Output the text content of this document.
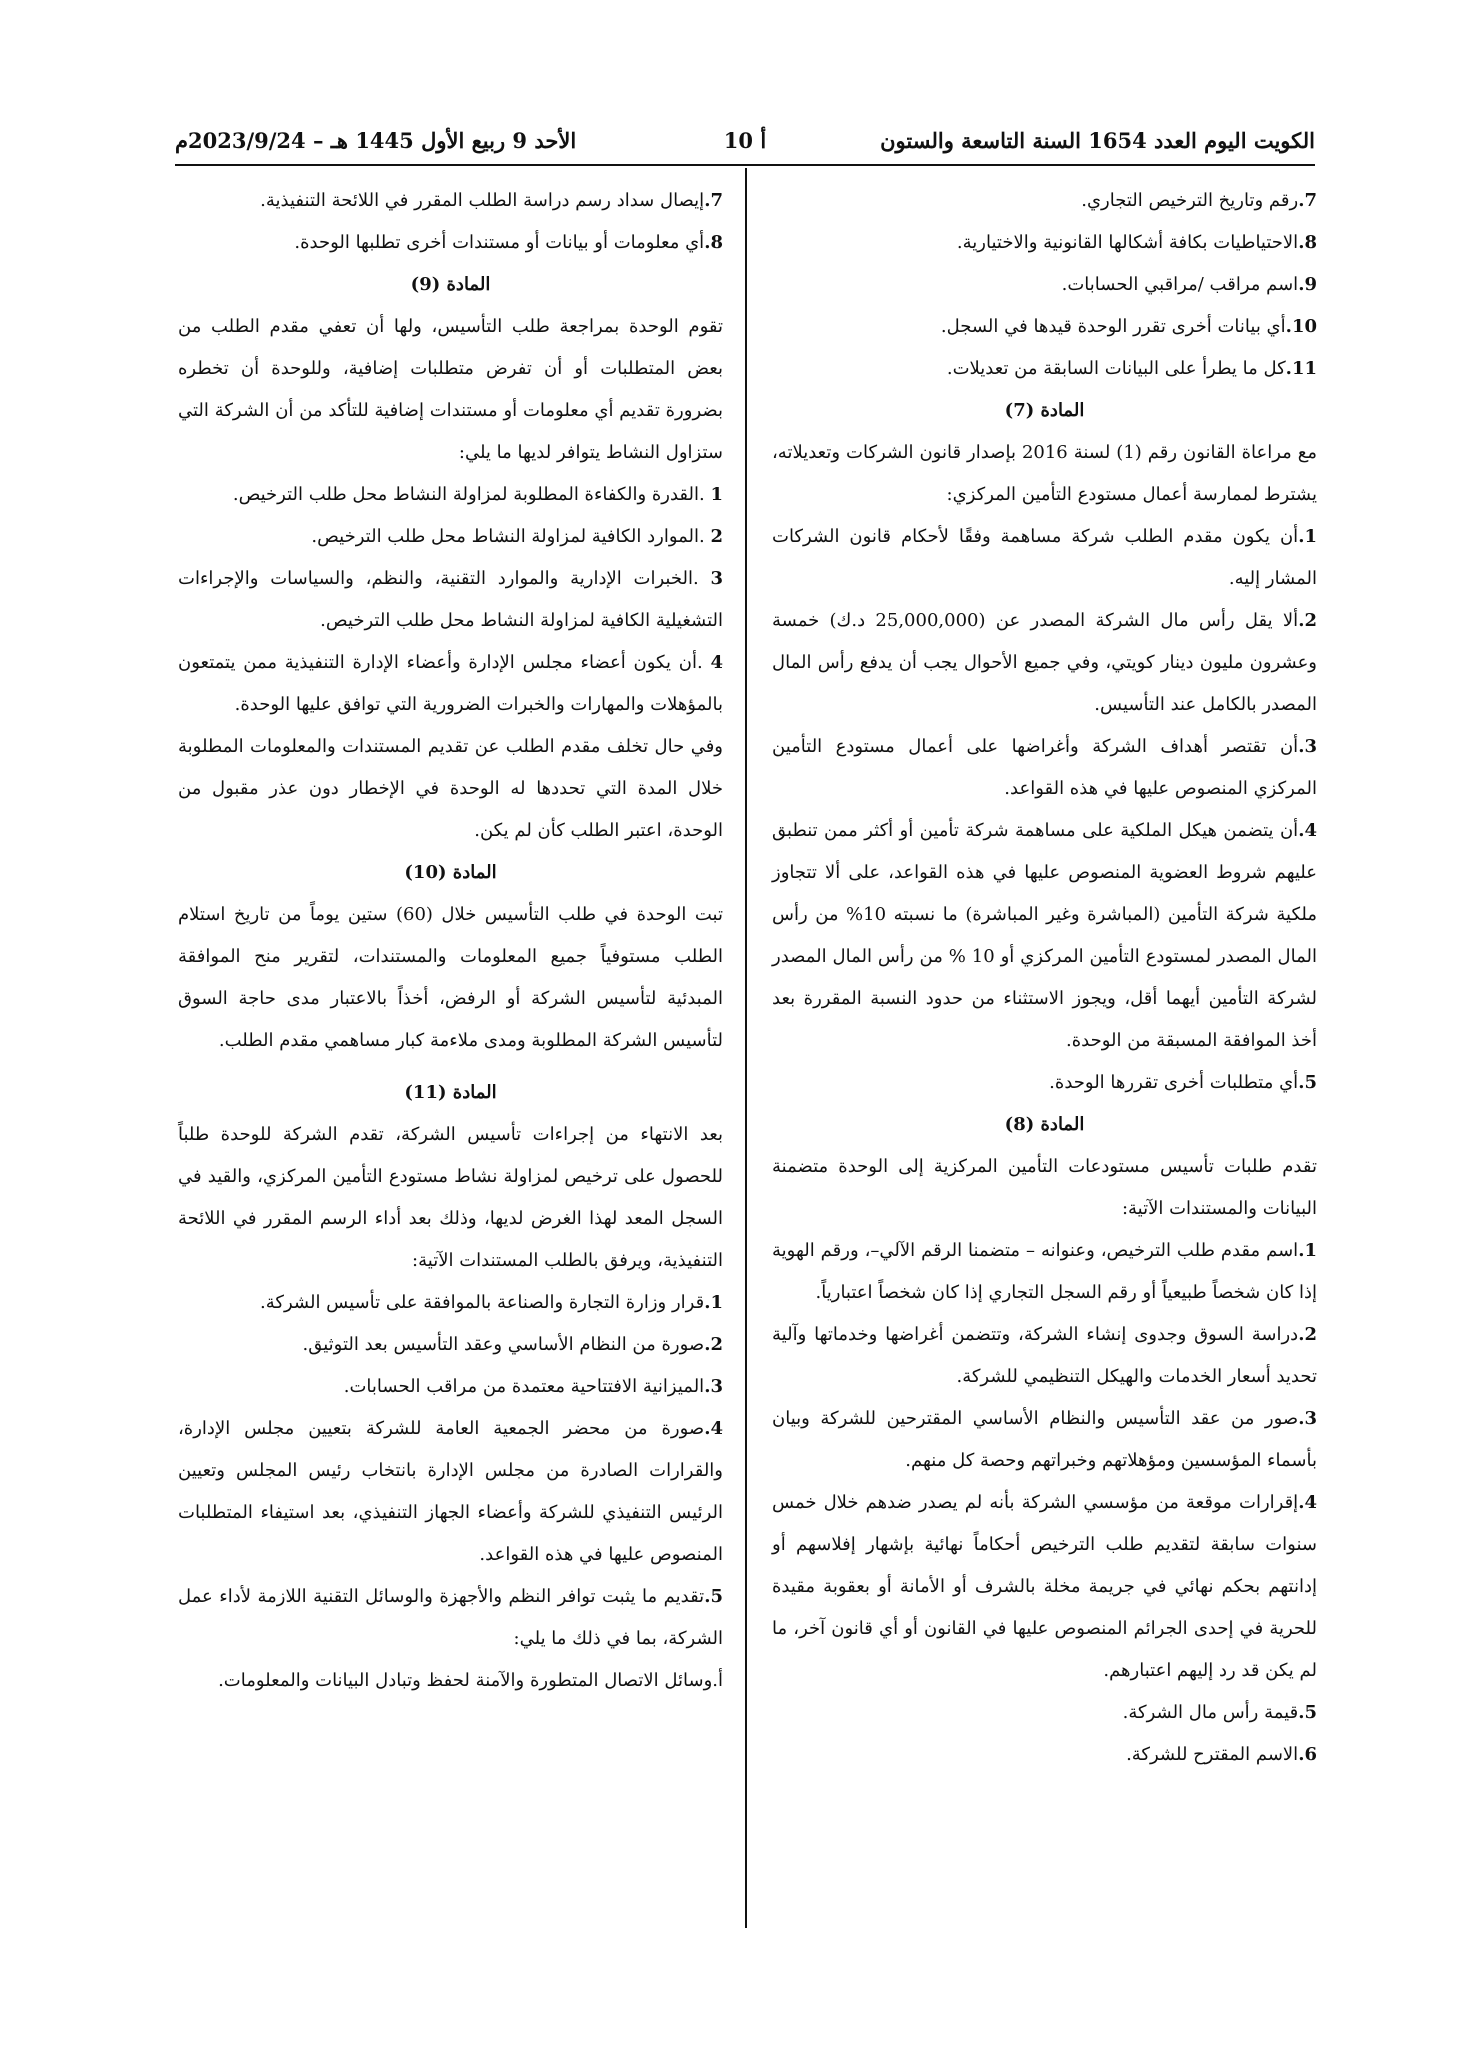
الكويت اليوم العدد 1654 السنة التاسعة والستون
أ 10
الأحد 9 ربيع الأول 1445 هـ – 2023/9/24م

7.رقم وتاريخ الترخيص التجاري.

8.الاحتياطيات بكافة أشكالها القانونية والاختيارية.

9.اسم مراقب /مراقبي الحسابات.

10.أي بيانات أخرى تقرر الوحدة قيدها في السجل.

11.كل ما يطرأ على البيانات السابقة من تعديلات.

المادة (7)

مع مراعاة القانون رقم (1) لسنة 2016 بإصدار قانون الشركات وتعديلاته، يشترط لممارسة أعمال مستودع التأمين المركزي:

1.أن يكون مقدم الطلب شركة مساهمة وفقًا لأحكام قانون الشركات المشار إليه.

2.ألا يقل رأس مال الشركة المصدر عن (25,000,000 د.ك) خمسة وعشرون مليون دينار كويتي، وفي جميع الأحوال يجب أن يدفع رأس المال المصدر بالكامل عند التأسيس.

3.أن تقتصر أهداف الشركة وأغراضها على أعمال مستودع التأمين المركزي المنصوص عليها في هذه القواعد.

4.أن يتضمن هيكل الملكية على مساهمة شركة تأمين أو أكثر ممن تنطبق عليهم شروط العضوية المنصوص عليها في هذه القواعد، على ألا تتجاوز ملكية شركة التأمين (المباشرة وغير المباشرة) ما نسبته 10% من رأس المال المصدر لمستودع التأمين المركزي أو 10 % من رأس المال المصدر لشركة التأمين أيهما أقل، ويجوز الاستثناء من حدود النسبة المقررة بعد أخذ الموافقة المسبقة من الوحدة.

5.أي متطلبات أخرى تقررها الوحدة.

المادة (8)

تقدم طلبات تأسيس مستودعات التأمين المركزية إلى الوحدة متضمنة البيانات والمستندات الآتية:

1.اسم مقدم طلب الترخيص، وعنوانه – متضمنا الرقم الآلي–، ورقم الهوية إذا كان شخصاً طبيعياً أو رقم السجل التجاري إذا كان شخصاً اعتبارياً.

2.دراسة السوق وجدوى إنشاء الشركة، وتتضمن أغراضها وخدماتها وآلية تحديد أسعار الخدمات والهيكل التنظيمي للشركة.

3.صور من عقد التأسيس والنظام الأساسي المقترحين للشركة وبيان بأسماء المؤسسين ومؤهلاتهم وخبراتهم وحصة كل منهم.

4.إقرارات موقعة من مؤسسي الشركة بأنه لم يصدر ضدهم خلال خمس سنوات سابقة لتقديم طلب الترخيص أحكاماً نهائية بإشهار إفلاسهم أو إدانتهم بحكم نهائي في جريمة مخلة بالشرف أو الأمانة أو بعقوبة مقيدة للحرية في إحدى الجرائم المنصوص عليها في القانون أو أي قانون آخر، ما لم يكن قد رد إليهم اعتبارهم.

5.قيمة رأس مال الشركة.

6.الاسم المقترح للشركة.

7.إيصال سداد رسم دراسة الطلب المقرر في اللائحة التنفيذية.

8.أي معلومات أو بيانات أو مستندات أخرى تطلبها الوحدة.

المادة (9)

تقوم الوحدة بمراجعة طلب التأسيس، ولها أن تعفي مقدم الطلب من بعض المتطلبات أو أن تفرض متطلبات إضافية، وللوحدة أن تخطره بضرورة تقديم أي معلومات أو مستندات إضافية للتأكد من أن الشركة التي ستزاول النشاط يتوافر لديها ما يلي:

1 .القدرة والكفاءة المطلوبة لمزاولة النشاط محل طلب الترخيص.

2 .الموارد الكافية لمزاولة النشاط محل طلب الترخيص.

3 .الخبرات الإدارية والموارد التقنية، والنظم، والسياسات والإجراءات التشغيلية الكافية لمزاولة النشاط محل طلب الترخيص.

4 .أن يكون أعضاء مجلس الإدارة وأعضاء الإدارة التنفيذية ممن يتمتعون بالمؤهلات والمهارات والخبرات الضرورية التي توافق عليها الوحدة.

وفي حال تخلف مقدم الطلب عن تقديم المستندات والمعلومات المطلوبة خلال المدة التي تحددها له الوحدة في الإخطار دون عذر مقبول من الوحدة، اعتبر الطلب كأن لم يكن.

المادة (10)

تبت الوحدة في طلب التأسيس خلال (60) ستين يوماً من تاريخ استلام الطلب مستوفياً جميع المعلومات والمستندات، لتقرير منح الموافقة المبدئية لتأسيس الشركة أو الرفض، أخذاً بالاعتبار مدى حاجة السوق لتأسيس الشركة المطلوبة ومدى ملاءمة كبار مساهمي مقدم الطلب.

المادة (11)

بعد الانتهاء من إجراءات تأسيس الشركة، تقدم الشركة للوحدة طلباً للحصول على ترخيص لمزاولة نشاط مستودع التأمين المركزي، والقيد في السجل المعد لهذا الغرض لديها، وذلك بعد أداء الرسم المقرر في اللائحة التنفيذية، ويرفق بالطلب المستندات الآتية:

1.قرار وزارة التجارة والصناعة بالموافقة على تأسيس الشركة.

2.صورة من النظام الأساسي وعقد التأسيس بعد التوثيق.

3.الميزانية الافتتاحية معتمدة من مراقب الحسابات.

4.صورة من محضر الجمعية العامة للشركة بتعيين مجلس الإدارة، والقرارات الصادرة من مجلس الإدارة بانتخاب رئيس المجلس وتعيين الرئيس التنفيذي للشركة وأعضاء الجهاز التنفيذي، بعد استيفاء المتطلبات المنصوص عليها في هذه القواعد.

5.تقديم ما يثبت توافر النظم والأجهزة والوسائل التقنية اللازمة لأداء عمل الشركة، بما في ذلك ما يلي:

أ.وسائل الاتصال المتطورة والآمنة لحفظ وتبادل البيانات والمعلومات.
